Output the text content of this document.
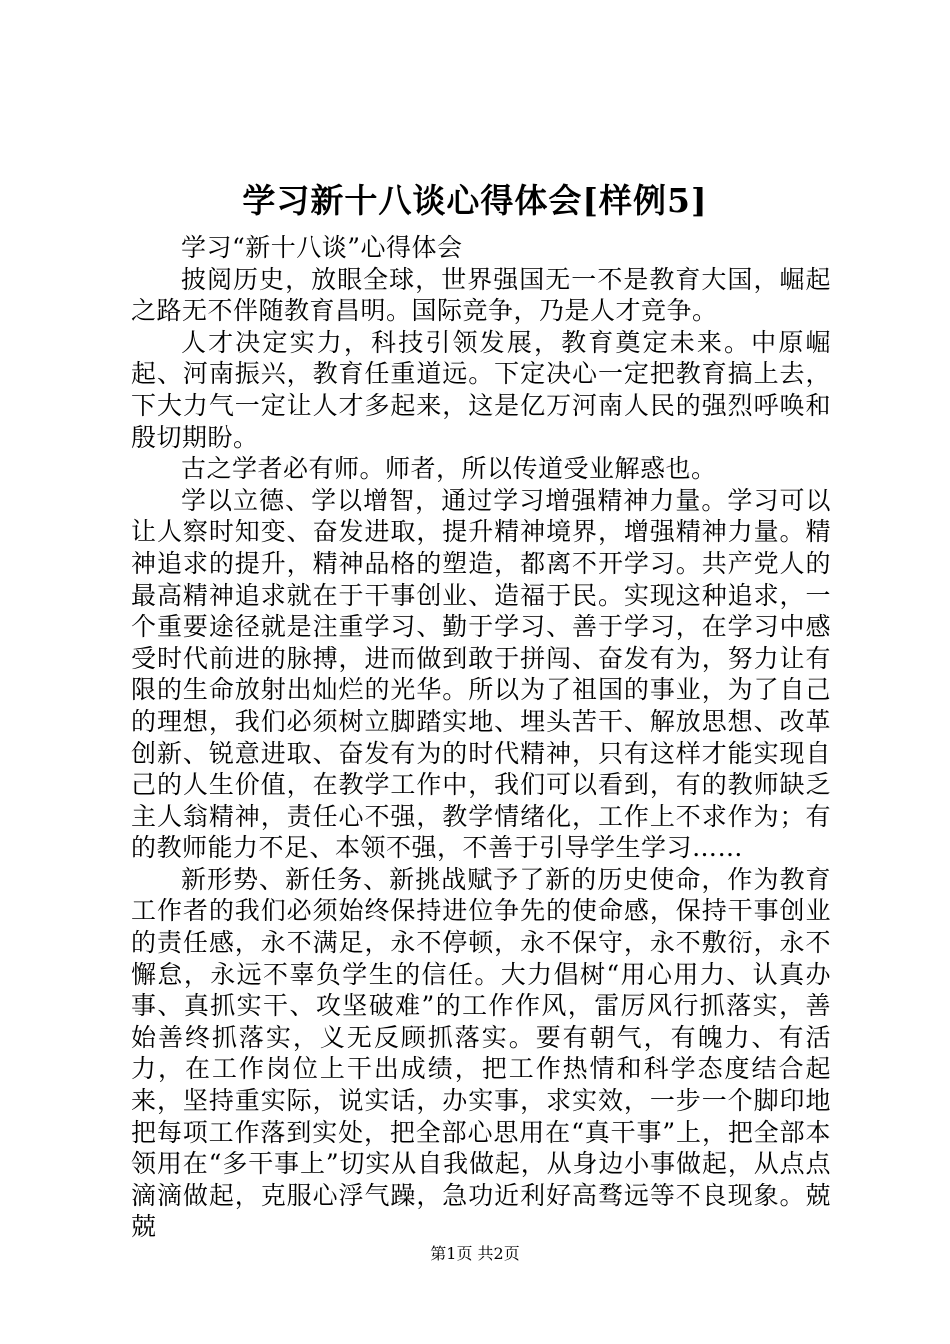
学习新十八谈心得体会[样例5]

学习“新十八谈”心得体会

披阅历史，放眼全球，世界强国无一不是教育大国，崛起之路无不伴随教育昌明。国际竞争，乃是人才竞争。

人才决定实力，科技引领发展，教育奠定未来。中原崛起、河南振兴，教育任重道远。下定决心一定把教育搞上去，下大力气一定让人才多起来，这是亿万河南人民的强烈呼唤和殷切期盼。

古之学者必有师。师者，所以传道受业解惑也。

学以立德、学以增智，通过学习增强精神力量。学习可以让人察时知变、奋发进取，提升精神境界，增强精神力量。精神追求的提升，精神品格的塑造，都离不开学习。共产党人的最高精神追求就在于干事创业、造福于民。实现这种追求，一个重要途径就是注重学习、勤于学习、善于学习，在学习中感受时代前进的脉搏，进而做到敢于拼闯、奋发有为，努力让有限的生命放射出灿烂的光华。所以为了祖国的事业，为了自己的理想，我们必须树立脚踏实地、埋头苦干、解放思想、改革创新、锐意进取、奋发有为的时代精神，只有这样才能实现自己的人生价值，在教学工作中，我们可以看到，有的教师缺乏主人翁精神，责任心不强，教学情绪化，工作上不求作为；有的教师能力不足、本领不强，不善于引导学生学习……

新形势、新任务、新挑战赋予了新的历史使命，作为教育工作者的我们必须始终保持进位争先的使命感，保持干事创业的责任感，永不满足，永不停顿，永不保守，永不敷衍，永不懈怠，永远不辜负学生的信任。大力倡树“用心用力、认真办事、真抓实干、攻坚破难”的工作作风，雷厉风行抓落实，善始善终抓落实，义无反顾抓落实。要有朝气，有魄力、有活力，在工作岗位上干出成绩，把工作热情和科学态度结合起来，坚持重实际，说实话，办实事，求实效，一步一个脚印地把每项工作落到实处，把全部心思用在“真干事”上，把全部本领用在“多干事上”切实从自我做起，从身边小事做起，从点点滴滴做起，克服心浮气躁，急功近利好高骛远等不良现象。兢兢

第1页 共2页
